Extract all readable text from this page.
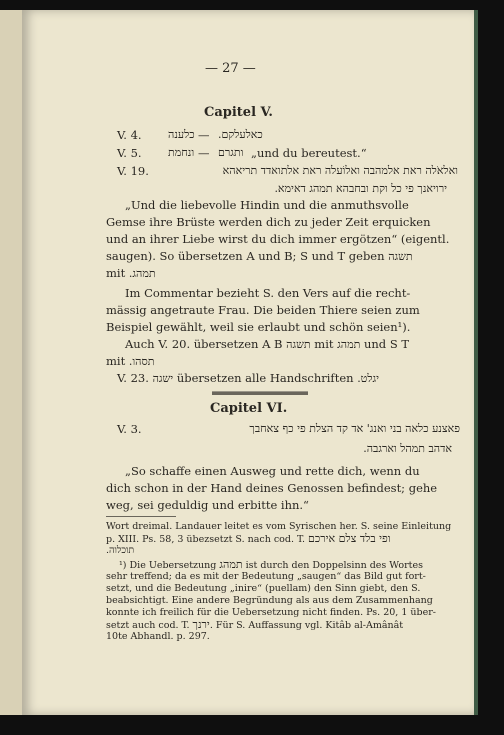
— 27 —
Capitel V.
V. 4. כלענה — כאלעלקם.
V. 5. ונחמת — ותגרם „und du bereutest.“
V. 19.	ואלאֹלה ראת אלמהבה ואלוֹעלה ראת אלתואדד תריאהא
ירויאנך פי כל וקת ובחבהא תמהג דאימא.
„Und die liebevolle Hindin und die anmuthsvolle
Gemse ihre Brüste werden dich zu jeder Zeit erquicken
und an ihrer Liebe wirst du dich immer ergötzen“ (eigentl.
saugen). So übersetzen A und B; S und T geben תשגה
mit תמהג.
Im Commentar bezieht S. den Vers auf die recht-
mässig angetraute Frau. Die beiden Thiere seien zum
Beispiel gewählt, weil sie erlaubt und schön seien¹).
Auch V. 20. übersetzen A B תשגה mit תמהג und S T
mit תסהו.
V. 23. ישגה übersetzen alle Handschriften יגלט.
Capitel VI.
V. 3.	פאצנע כלאה בני ואנג' אד קד הצלת פי כף צאחבך
אדהב תמהל וארגבה.
„So schaffe einen Ausweg und rette dich, wenn du
dich schon in der Hand deines Genossen befindest; gehe
weg, sei geduldig und erbitte ihn.“
Wort dreimal. Landauer leitet es vom Syrischen her. S. seine Einleitung
p. XIII. Ps. 58, 3 übezsetzt S. nach cod. T. ופי בלד צלם אירכם
תוכלוה.
¹) Die Uebersetzung תמהג ist durch den Doppelsinn des Wortes
sehr treffend; da es mit der Bedeutung „saugen“ das Bild gut fort-
setzt, und die Bedeutung „inire“ (puellam) den Sinn giebt, den S.
beabsichtigt. Eine andere Begründung als aus dem Zusammenhang
konnte ich freilich für die Uebersetzung nicht finden. Ps. 20, 1 über-
setzt auch cod. T. ירנך. Für S. Auffassung vgl. Kitâb al-Amânât
10te Abhandl. p. 297.
